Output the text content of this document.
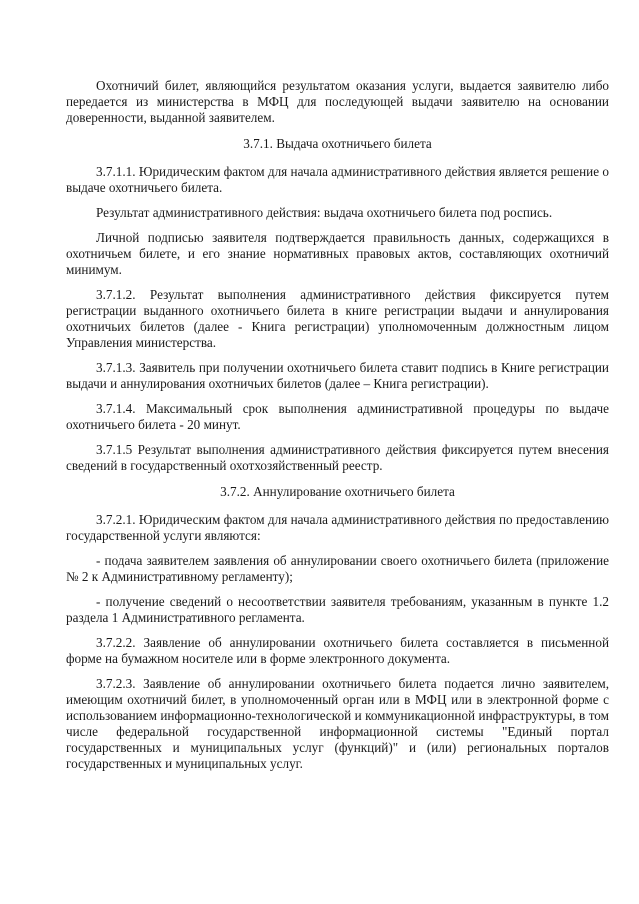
Охотничий билет, являющийся результатом оказания услуги, выдается заявителю либо передается из министерства в МФЦ для последующей выдачи заявителю на основании доверенности, выданной заявителем.

3.7.1. Выдача охотничьего билета

3.7.1.1. Юридическим фактом для начала административного действия является решение о выдаче охотничьего билета.

Результат административного действия: выдача охотничьего билета под роспись.

Личной подписью заявителя подтверждается правильность данных, содержащихся в охотничьем билете, и его знание нормативных правовых актов, составляющих охотничий минимум.

3.7.1.2. Результат выполнения административного действия фиксируется путем регистрации выданного охотничьего билета в книге регистрации выдачи и аннулирования охотничьих билетов (далее - Книга регистрации) уполномоченным должностным лицом Управления министерства.

3.7.1.3. Заявитель при получении охотничьего билета ставит подпись в Книге регистрации выдачи и аннулирования охотничьих билетов (далее – Книга регистрации).

3.7.1.4. Максимальный срок выполнения административной процедуры по выдаче охотничьего билета - 20 минут.

3.7.1.5 Результат выполнения административного действия фиксируется путем внесения сведений в государственный охотхозяйственный реестр.

3.7.2. Аннулирование охотничьего билета

3.7.2.1. Юридическим фактом для начала административного действия по предоставлению государственной услуги являются:

- подача заявителем заявления об аннулировании своего охотничьего билета (приложение № 2 к Административному регламенту);

- получение сведений о несоответствии заявителя требованиям, указанным в пункте 1.2 раздела 1 Административного регламента.

3.7.2.2. Заявление об аннулировании охотничьего билета составляется в письменной форме на бумажном носителе или в форме электронного документа.

3.7.2.3. Заявление об аннулировании охотничьего билета подается лично заявителем, имеющим охотничий билет, в уполномоченный орган или в МФЦ или в электронной форме с использованием информационно-технологической и коммуникационной инфраструктуры, в том числе федеральной государственной информационной системы "Единый портал государственных и муниципальных услуг (функций)" и (или) региональных порталов государственных и муниципальных услуг.
